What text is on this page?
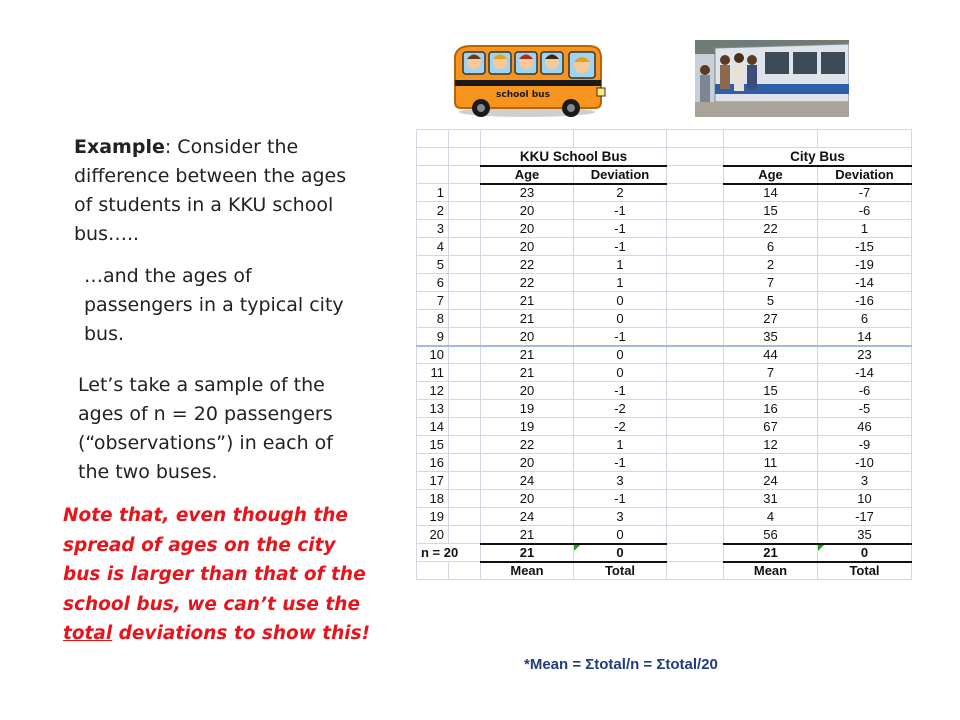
Example: Consider the difference between the ages of students in a KKU school bus…..
…and the ages of passengers in a typical city bus.
Let’s take a sample of the ages of n = 20 passengers (“observations”) in each of the two buses.
Note that, even though the spread of ages on the city bus is larger than that of the school bus, we can’t use the total deviations to show this!
school bus

		KKU School Bus			City Bus	
		Age	Deviation		Age	Deviation
1		23	2		14	-7
2		20	-1		15	-6
3		20	-1		22	1
4		20	-1		6	-15
5		22	1		2	-19
6		22	1		7	-14
7		21	0		5	-16
8		21	0		27	6
9		20	-1		35	14
10		21	0		44	23
11		21	0		7	-14
12		20	-1		15	-6
13		19	-2		16	-5
14		19	-2		67	46
15		22	1		12	-9
16		20	-1		11	-10
17		24	3		24	3
18		20	-1		31	10
19		24	3		4	-17
20		21	0		56	35
n = 20		21	0		21	0
		Mean	Total		Mean	Total
*Mean = Σtotal/n = Σtotal/20
